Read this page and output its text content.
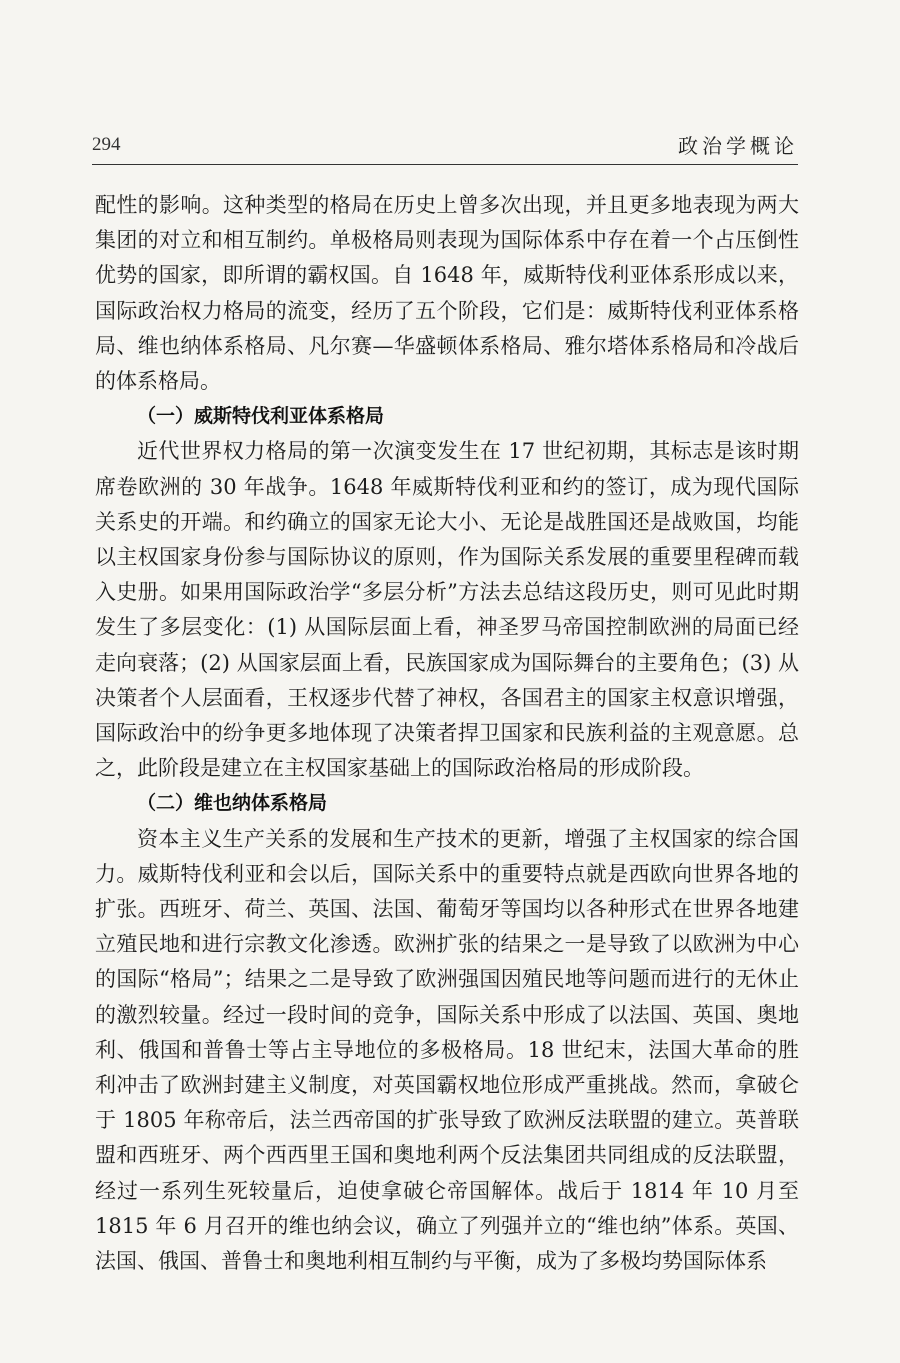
294	政治学概论

配性的影响。这种类型的格局在历史上曾多次出现，并且更多地表现为两大集团的对立和相互制约。单极格局则表现为国际体系中存在着一个占压倒性优势的国家，即所谓的霸权国。自 1648 年，威斯特伐利亚体系形成以来，国际政治权力格局的流变，经历了五个阶段，它们是：威斯特伐利亚体系格局、维也纳体系格局、凡尔赛—华盛顿体系格局、雅尔塔体系格局和冷战后的体系格局。

（一）威斯特伐利亚体系格局

近代世界权力格局的第一次演变发生在 17 世纪初期，其标志是该时期席卷欧洲的 30 年战争。1648 年威斯特伐利亚和约的签订，成为现代国际关系史的开端。和约确立的国家无论大小、无论是战胜国还是战败国，均能以主权国家身份参与国际协议的原则，作为国际关系发展的重要里程碑而载入史册。如果用国际政治学“多层分析”方法去总结这段历史，则可见此时期发生了多层变化：(1) 从国际层面上看，神圣罗马帝国控制欧洲的局面已经走向衰落；(2) 从国家层面上看，民族国家成为国际舞台的主要角色；(3) 从决策者个人层面看，王权逐步代替了神权，各国君主的国家主权意识增强，国际政治中的纷争更多地体现了决策者捍卫国家和民族利益的主观意愿。总之，此阶段是建立在主权国家基础上的国际政治格局的形成阶段。

（二）维也纳体系格局

资本主义生产关系的发展和生产技术的更新，增强了主权国家的综合国力。威斯特伐利亚和会以后，国际关系中的重要特点就是西欧向世界各地的扩张。西班牙、荷兰、英国、法国、葡萄牙等国均以各种形式在世界各地建立殖民地和进行宗教文化渗透。欧洲扩张的结果之一是导致了以欧洲为中心的国际“格局”；结果之二是导致了欧洲强国因殖民地等问题而进行的无休止的激烈较量。经过一段时间的竞争，国际关系中形成了以法国、英国、奥地利、俄国和普鲁士等占主导地位的多极格局。18 世纪末，法国大革命的胜利冲击了欧洲封建主义制度，对英国霸权地位形成严重挑战。然而，拿破仑于 1805 年称帝后，法兰西帝国的扩张导致了欧洲反法联盟的建立。英普联盟和西班牙、两个西西里王国和奥地利两个反法集团共同组成的反法联盟，经过一系列生死较量后，迫使拿破仑帝国解体。战后于 1814 年 10 月至 1815 年 6 月召开的维也纳会议，确立了列强并立的“维也纳”体系。英国、法国、俄国、普鲁士和奥地利相互制约与平衡，成为了多极均势国际体系
